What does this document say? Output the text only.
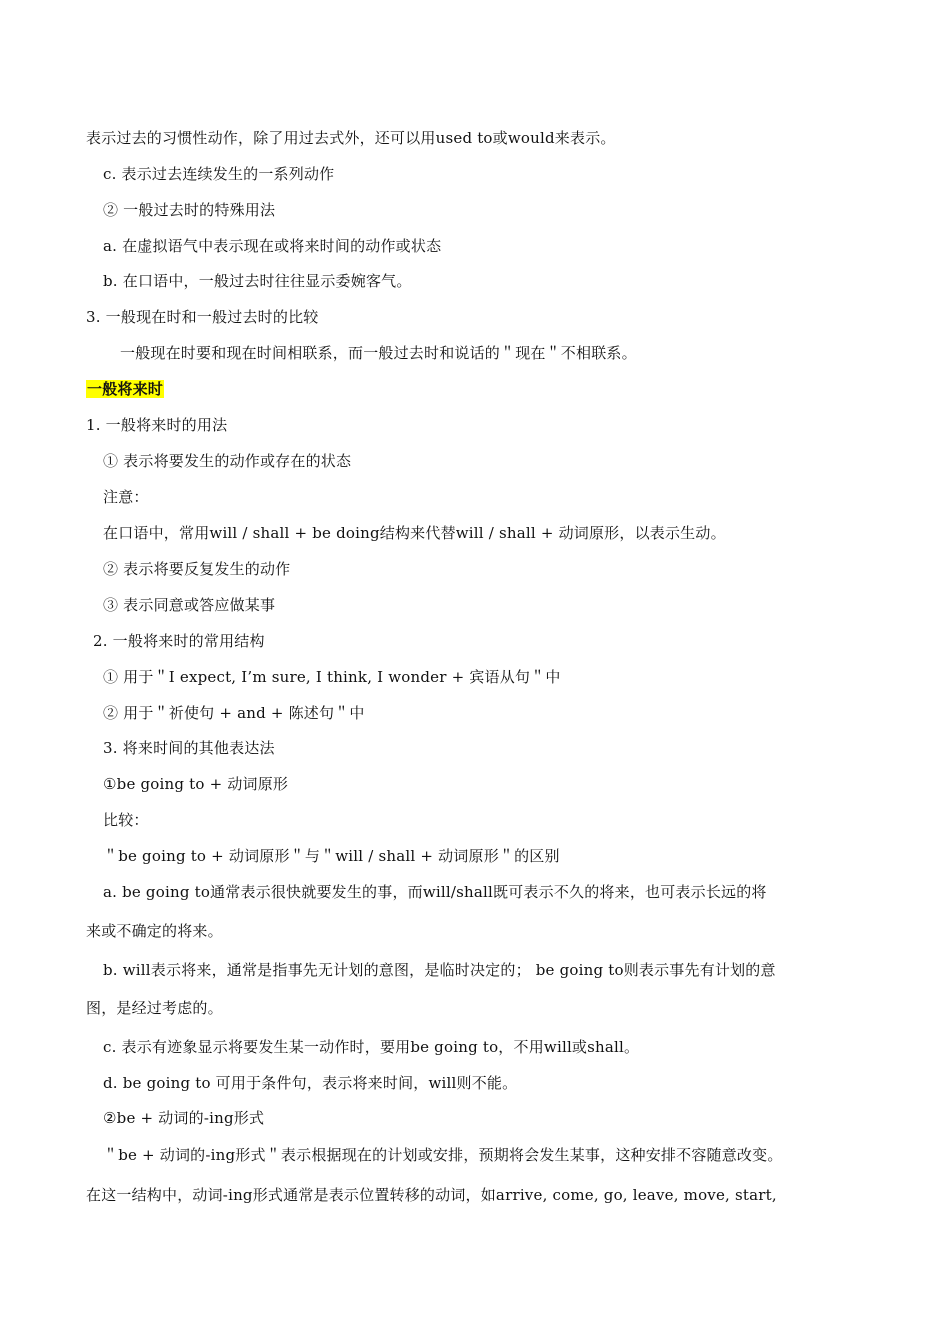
表示过去的习惯性动作，除了用过去式外，还可以用used to或would来表示。
c. 表示过去连续发生的一系列动作
② 一般过去时的特殊用法
a. 在虚拟语气中表示现在或将来时间的动作或状态
b. 在口语中，一般过去时往往显示委婉客气。
3. 一般现在时和一般过去时的比较
一般现在时要和现在时间相联系，而一般过去时和说话的＂现在＂不相联系。
一般将来时
1. 一般将来时的用法
① 表示将要发生的动作或存在的状态
注意：
在口语中，常用will / shall + be doing结构来代替will / shall + 动词原形，以表示生动。
② 表示将要反复发生的动作
③ 表示同意或答应做某事
2. 一般将来时的常用结构
① 用于＂I expect, I’m sure, I think, I wonder + 宾语从句＂中
② 用于＂祈使句 + and + 陈述句＂中
3. 将来时间的其他表达法
①be going to + 动词原形
比较：
＂be going to + 动词原形＂与＂will / shall + 动词原形＂的区别
a. be going to通常表示很快就要发生的事，而will/shall既可表示不久的将来，也可表示长远的将
来或不确定的将来。
b. will表示将来，通常是指事先无计划的意图，是临时决定的； be going to则表示事先有计划的意
图，是经过考虑的。
c. 表示有迹象显示将要发生某一动作时，要用be going to，不用will或shall。
d. be going to 可用于条件句，表示将来时间，will则不能。
②be + 动词的-ing形式
＂be + 动词的-ing形式＂表示根据现在的计划或安排，预期将会发生某事，这种安排不容随意改变。
在这一结构中，动词-ing形式通常是表示位置转移的动词，如arrive, come, go, leave, move, start,
